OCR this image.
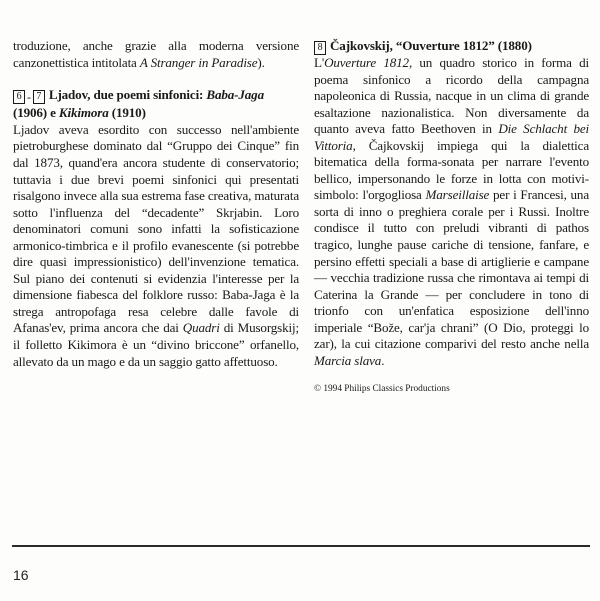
troduzione, anche grazie alla moderna versione canzonettistica intitolata A Stranger in Paradise).

6 - 7 Ljadov, due poemi sinfonici: Baba-Jaga (1906) e Kikimora (1910)

Ljadov aveva esordito con successo nell'ambiente pietroburghese dominato dal “Gruppo dei Cinque” fin dal 1873, quand'era ancora studente di conservatorio; tuttavia i due brevi poemi sinfonici qui presentati risalgono invece alla sua estrema fase creativa, maturata sotto l'influenza del “decadente” Skrjabin. Loro denominatori comuni sono infatti la sofisticazione armonico-timbrica e il profilo evanescente (si potrebbe dire quasi impressionistico) dell'invenzione tematica. Sul piano dei contenuti si evidenzia l'interesse per la dimensione fiabesca del folklore russo: Baba-Jaga è la strega antropofaga resa celebre dalle favole di Afanas'ev, prima ancora che dai Quadri di Musorgskij; il folletto Kikimora è un “divino briccone” orfanello, allevato da un mago e da un saggio gatto affettuoso.

8 Čajkovskij, “Ouverture 1812” (1880)

L'Ouverture 1812, un quadro storico in forma di poema sinfonico a ricordo della campagna napoleonica di Russia, nacque in un clima di grande esaltazione nazionalistica. Non diversamente da quanto aveva fatto Beethoven in Die Schlacht bei Vittoria, Čajkovskij impiega qui la dialettica bitematica della forma-sonata per narrare l'evento bellico, impersonando le forze in lotta con motivi-simbolo: l'orgogliosa Marseillaise per i Francesi, una sorta di inno o preghiera corale per i Russi. Inoltre condisce il tutto con preludi vibranti di pathos tragico, lunghe pause cariche di tensione, fanfare, e persino effetti speciali a base di artiglierie e campane — vecchia tradizione russa che rimontava ai tempi di Caterina la Grande — per concludere in tono di trionfo con un'enfatica esposizione dell'inno imperiale “Bože, car'ja chrani” (O Dio, proteggi lo zar), la cui citazione comparivi del resto anche nella Marcia slava.

© 1994 Philips Classics Productions

16
